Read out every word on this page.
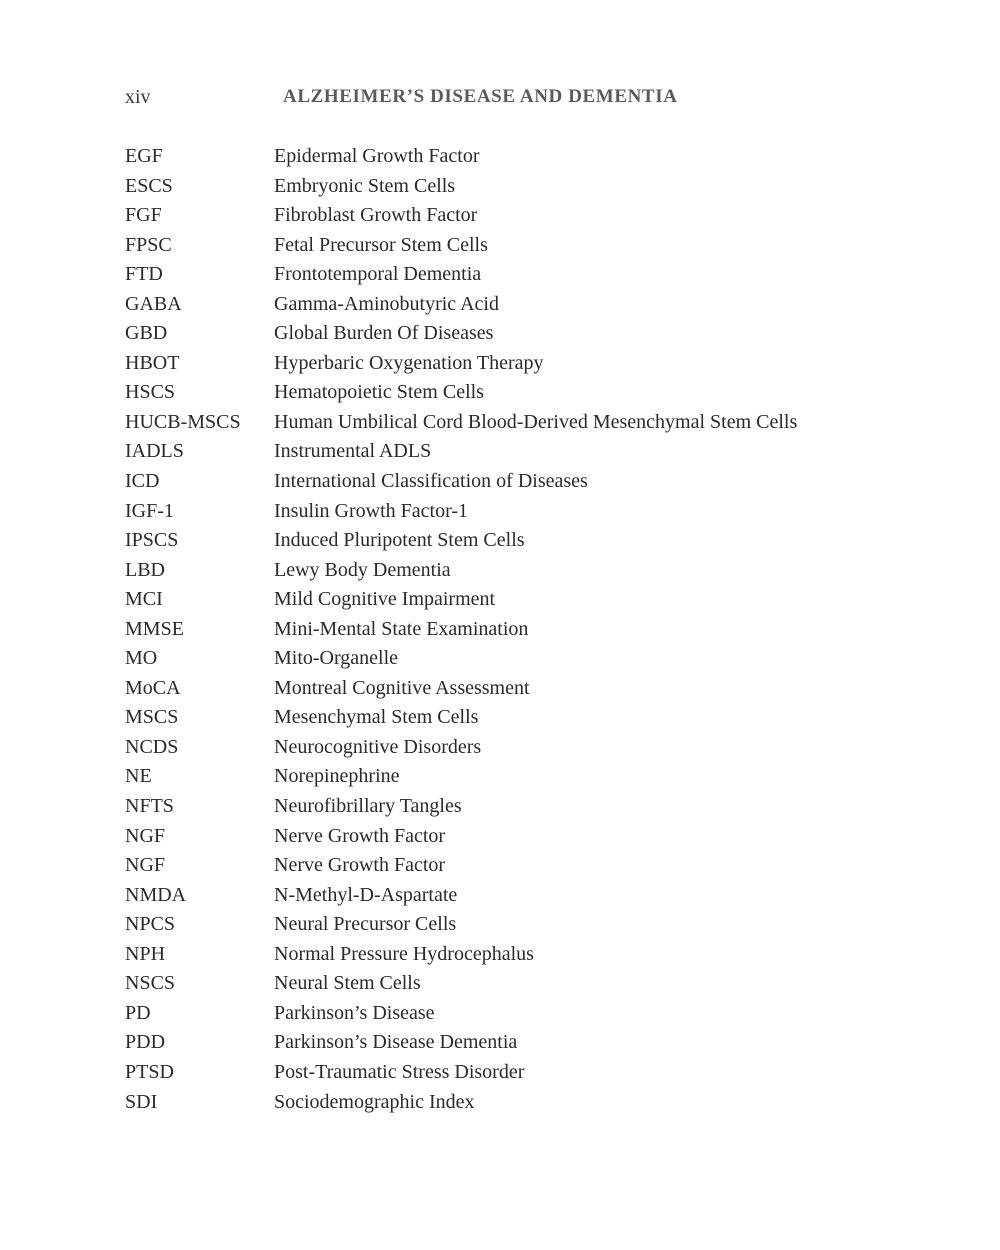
xiv	ALZHEIMER’S DISEASE AND DEMENTIA
EGF	Epidermal Growth Factor
ESCS	Embryonic Stem Cells
FGF	Fibroblast Growth Factor
FPSC	Fetal Precursor Stem Cells
FTD	Frontotemporal Dementia
GABA	Gamma-Aminobutyric Acid
GBD	Global Burden Of Diseases
HBOT	Hyperbaric Oxygenation Therapy
HSCS	Hematopoietic Stem Cells
HUCB-MSCS	Human Umbilical Cord Blood-Derived Mesenchymal Stem Cells
IADLS	Instrumental ADLS
ICD	International Classification of Diseases
IGF-1	Insulin Growth Factor-1
IPSCS	Induced Pluripotent Stem Cells
LBD	Lewy Body Dementia
MCI	Mild Cognitive Impairment
MMSE	Mini-Mental State Examination
MO	Mito-Organelle
MoCA	Montreal Cognitive Assessment
MSCS	Mesenchymal Stem Cells
NCDS	Neurocognitive Disorders
NE	Norepinephrine
NFTS	Neurofibrillary Tangles
NGF	Nerve Growth Factor
NGF	Nerve Growth Factor
NMDA	N-Methyl-D-Aspartate
NPCS	Neural Precursor Cells
NPH	Normal Pressure Hydrocephalus
NSCS	Neural Stem Cells
PD	Parkinson’s Disease
PDD	Parkinson’s Disease Dementia
PTSD	Post-Traumatic Stress Disorder
SDI	Sociodemographic Index
